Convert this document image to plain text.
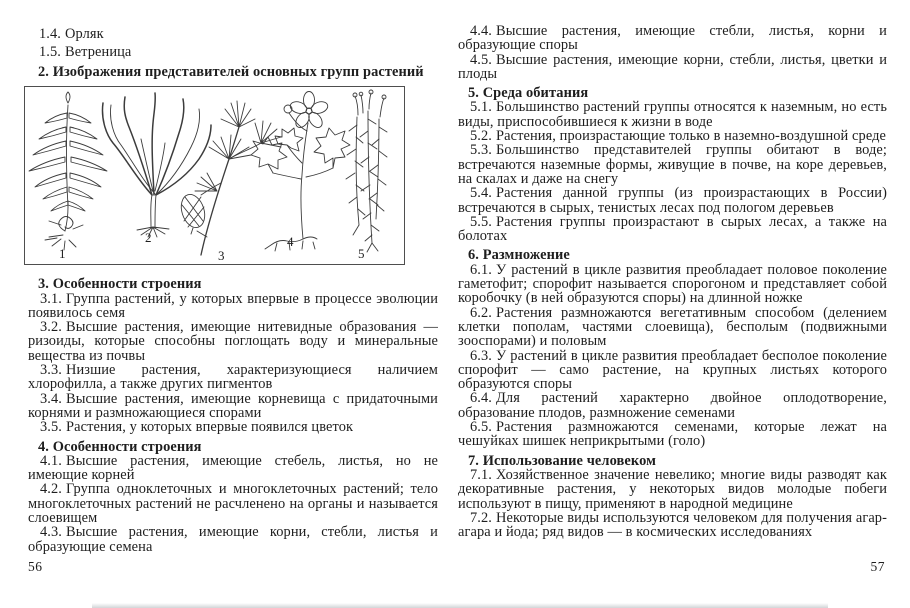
1.4. Орляк

1.5. Ветреница

2. Изображения представителей основных групп растений

1
2
3
4
5

3. Особенности строения

3.1. Группа растений, у которых впервые в процессе эволюции появилось семя

3.2. Высшие растения, имеющие нитевидные образования — ризоиды, которые способны поглощать воду и минеральные вещества из почвы

3.3. Низшие растения, характеризующиеся наличием хлорофилла, а также других пигментов

3.4. Высшие растения, имеющие корневища с придаточными корнями и размножающиеся спорами

3.5. Растения, у которых впервые появился цветок

4. Особенности строения

4.1. Высшие растения, имеющие стебель, листья, но не имеющие корней

4.2. Группа одноклеточных и многоклеточных растений; тело многоклеточных растений не расчленено на органы и называется слоевищем

4.3. Высшие растения, имеющие корни, стебли, листья и образующие семена

56

4.4. Высшие растения, имеющие стебли, листья, корни и образующие споры

4.5. Высшие растения, имеющие корни, стебли, листья, цветки и плоды

5. Среда обитания

5.1. Большинство растений группы относятся к наземным, но есть виды, приспособившиеся к жизни в воде

5.2. Растения, произрастающие только в наземно-воздушной среде

5.3. Большинство представителей группы обитают в воде; встречаются наземные формы, живущие в почве, на коре деревьев, на скалах и даже на снегу

5.4. Растения данной группы (из произрастающих в России) встречаются в сырых, тенистых лесах под пологом деревьев

5.5. Растения группы произрастают в сырых лесах, а также на болотах

6. Размножение

6.1. У растений в цикле развития преобладает половое поколение гаметофит; спорофит называется спорогоном и представляет собой коробочку (в ней образуются споры) на длинной ножке

6.2. Растения размножаются вегетативным способом (делением клетки пополам, частями слоевища), бесполым (подвижными зооспорами) и половым

6.3. У растений в цикле развития преобладает бесполое поколение спорофит — само растение, на крупных листьях которого образуются споры

6.4. Для растений характерно двойное оплодотворение, образование плодов, размножение семенами

6.5. Растения размножаются семенами, которые лежат на чешуйках шишек неприкрытыми (голо)

7. Использование человеком

7.1. Хозяйственное значение невелико; многие виды разводят как декоративные растения, у некоторых видов молодые побеги используют в пищу, применяют в народной медицине

7.2. Некоторые виды используются человеком для получения агар-агара и йода; ряд видов — в космических исследованиях

57
